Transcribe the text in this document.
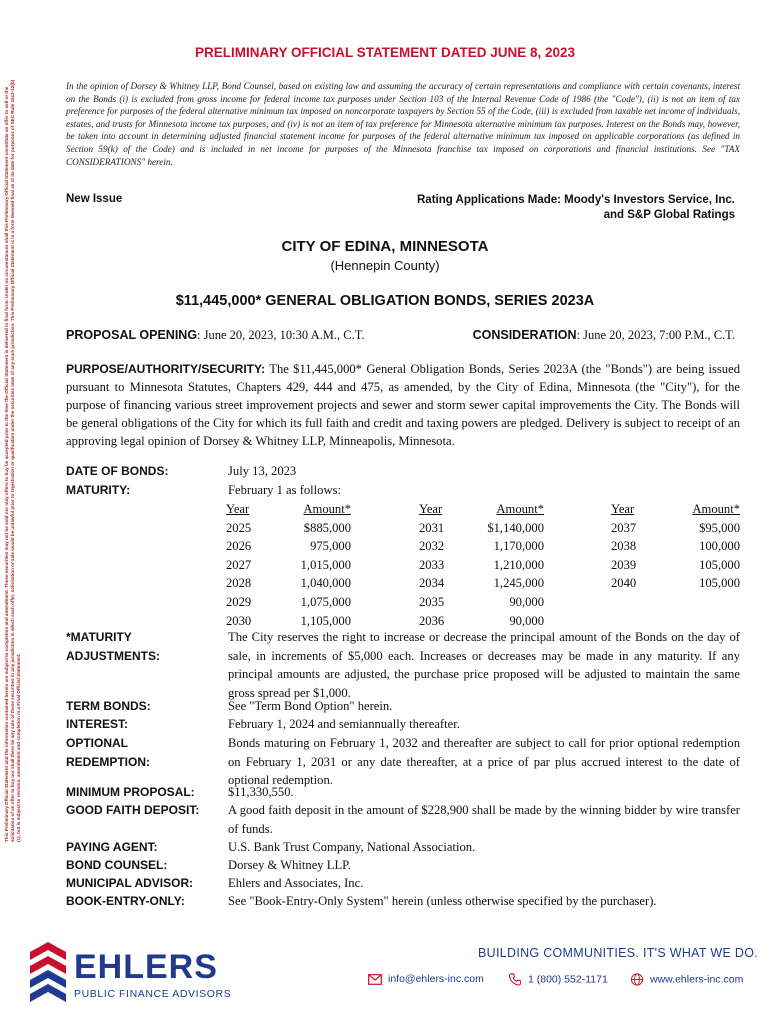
This Preliminary Official Statement and the information contained herein are subject to completion and amendment. These securities may not be sold nor may offers to buy be accepted prior to the time the Official Statement is delivered in final form. Under no circumstances shall this Preliminary Official Statement constitute an offer to sell or the solicitation of an offer to buy nor shall there be any sale of these securities in any jurisdiction in which such offer, solicitation or sale would be unlawful prior to registration or qualification under the securities laws of any such jurisdiction. This Preliminary Official Statement is in a form deemed final as of its date for purposes of SEC Rule 15c2-12(b) (1), but is subject to revision, amendment and completion in a Final Official Statement.
PRELIMINARY OFFICIAL STATEMENT DATED JUNE 8, 2023
In the opinion of Dorsey & Whitney LLP, Bond Counsel, based on existing law and assuming the accuracy of certain representations and compliance with certain covenants, interest on the Bonds (i) is excluded from gross income for federal income tax purposes under Section 103 of the Internal Revenue Code of 1986 (the "Code"), (ii) is not an item of tax preference for purposes of the federal alternative minimum tax imposed on noncorporate taxpayers by Section 55 of the Code, (iii) is excluded from taxable net income of individuals, estates, and trusts for Minnesota income tax purposes, and (iv) is not an item of tax preference for Minnesota alternative minimum tax purposes. Interest on the Bonds may, however, be taken into account in determining adjusted financial statement income for purposes of the federal alternative minimum tax imposed on applicable corporations (as defined in Section 59(k) of the Code) and is included in net income for purposes of the Minnesota franchise tax imposed on corporations and financial institutions. See "TAX CONSIDERATIONS" herein.
New Issue	Rating Applications Made: Moody's Investors Service, Inc.
and S&P Global Ratings
CITY OF EDINA, MINNESOTA
(Hennepin County)
$11,445,000* GENERAL OBLIGATION BONDS, SERIES 2023A
PROPOSAL OPENING: June 20, 2023, 10:30 A.M., C.T.	CONSIDERATION: June 20, 2023, 7:00 P.M., C.T.
PURPOSE/AUTHORITY/SECURITY: The $11,445,000* General Obligation Bonds, Series 2023A (the "Bonds") are being issued pursuant to Minnesota Statutes, Chapters 429, 444 and 475, as amended, by the City of Edina, Minnesota (the "City"), for the purpose of financing various street improvement projects and sewer and storm sewer capital improvements the City. The Bonds will be general obligations of the City for which its full faith and credit and taxing powers are pledged. Delivery is subject to receipt of an approving legal opinion of Dorsey & Whitney LLP, Minneapolis, Minnesota.
DATE OF BONDS:	July 13, 2023
MATURITY:	February 1 as follows:
Year	Amount*
2025	$885,000
2026	975,000
2027	1,015,000
2028	1,040,000
2029	1,075,000
2030	1,105,000
Year	Amount*
2031	$1,140,000
2032	1,170,000
2033	1,210,000
2034	1,245,000
2035	90,000
2036	90,000
Year	Amount*
2037	$95,000
2038	100,000
2039	105,000
2040	105,000
*MATURITY
ADJUSTMENTS:
The City reserves the right to increase or decrease the principal amount of the Bonds on the day of sale, in increments of $5,000 each. Increases or decreases may be made in any maturity. If any principal amounts are adjusted, the purchase price proposed will be adjusted to maintain the same gross spread per $1,000.
TERM BONDS:	See "Term Bond Option" herein.
INTEREST:	February 1, 2024 and semiannually thereafter.
OPTIONAL
REDEMPTION:
Bonds maturing on February 1, 2032 and thereafter are subject to call for prior optional redemption on February 1, 2031 or any date thereafter, at a price of par plus accrued interest to the date of optional redemption.
MINIMUM PROPOSAL:	$11,330,550.
GOOD FAITH DEPOSIT:	A good faith deposit in the amount of $228,900 shall be made by the winning bidder by wire transfer of funds.
PAYING AGENT:	U.S. Bank Trust Company, National Association.
BOND COUNSEL:	Dorsey & Whitney LLP.
MUNICIPAL ADVISOR:	Ehlers and Associates, Inc.
BOOK-ENTRY-ONLY:	See "Book-Entry-Only System" herein (unless otherwise specified by the purchaser).
EHLERS
PUBLIC FINANCE ADVISORS
BUILDING COMMUNITIES. IT'S WHAT WE DO.
info@ehlers-inc.com	1 (800) 552-1171	www.ehlers-inc.com
